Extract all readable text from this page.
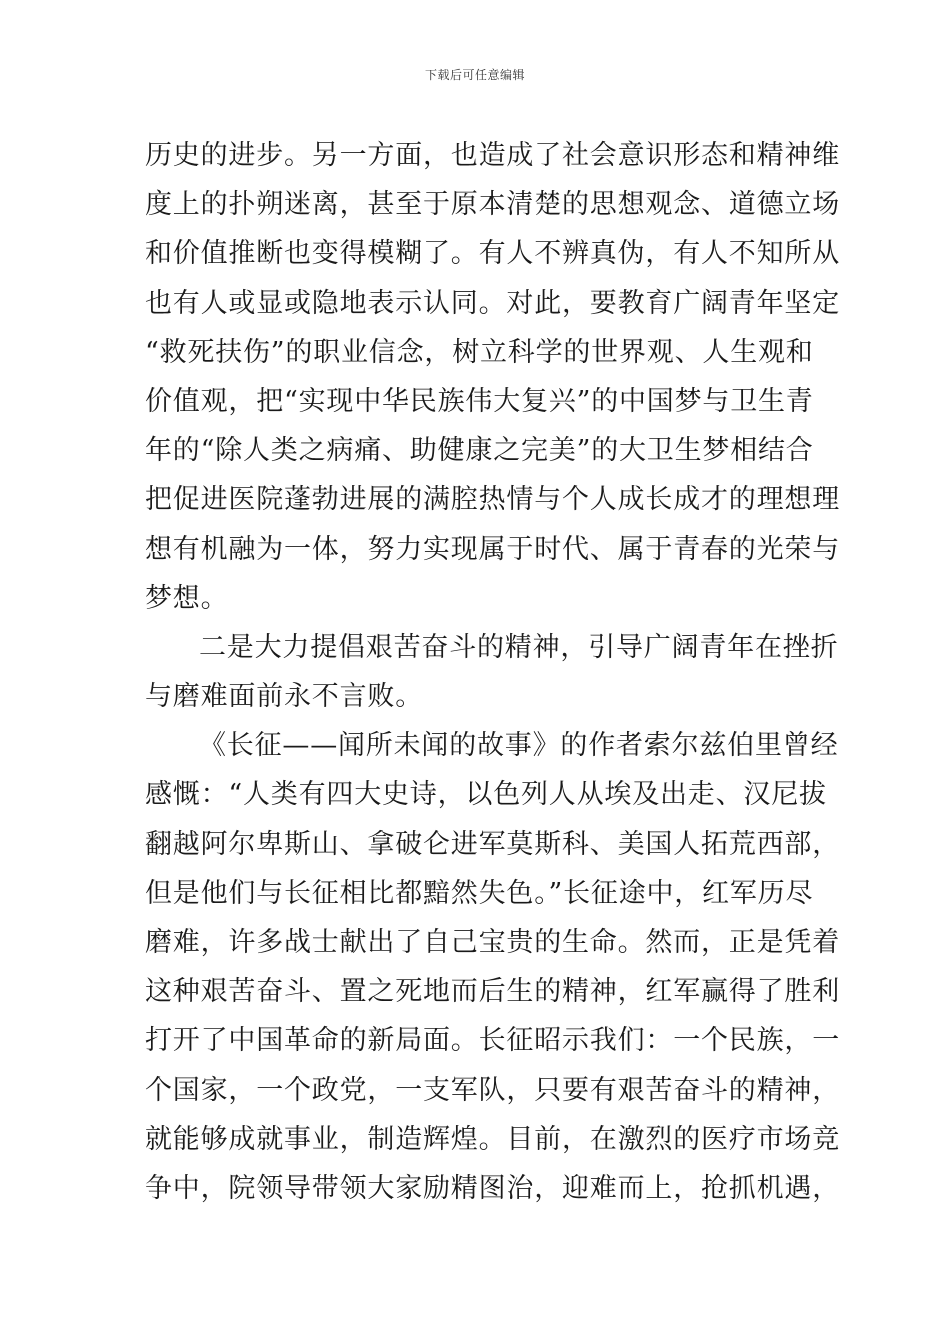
下载后可任意编辑
历史的进步。另一方面，也造成了社会意识形态和精神维
度上的扑朔迷离，甚至于原本清楚的思想观念、道德立场
和价值推断也变得模糊了。有人不辨真伪，有人不知所从
也有人或显或隐地表示认同。对此，要教育广阔青年坚定
“救死扶伤”的职业信念，树立科学的世界观、人生观和
价值观，把“实现中华民族伟大复兴”的中国梦与卫生青
年的“除人类之病痛、助健康之完美”的大卫生梦相结合
把促进医院蓬勃进展的满腔热情与个人成长成才的理想理
想有机融为一体，努力实现属于时代、属于青春的光荣与
梦想。
二是大力提倡艰苦奋斗的精神，引导广阔青年在挫折
与磨难面前永不言败。
《长征——闻所未闻的故事》的作者索尔兹伯里曾经
感慨：“人类有四大史诗，以色列人从埃及出走、汉尼拔
翻越阿尔卑斯山、拿破仑进军莫斯科、美国人拓荒西部，
但是他们与长征相比都黯然失色。”长征途中，红军历尽
磨难，许多战士献出了自己宝贵的生命。然而，正是凭着
这种艰苦奋斗、置之死地而后生的精神，红军赢得了胜利
打开了中国革命的新局面。长征昭示我们：一个民族，一
个国家，一个政党，一支军队，只要有艰苦奋斗的精神，
就能够成就事业，制造辉煌。目前，在激烈的医疗市场竞
争中，院领导带领大家励精图治，迎难而上，抢抓机遇，
